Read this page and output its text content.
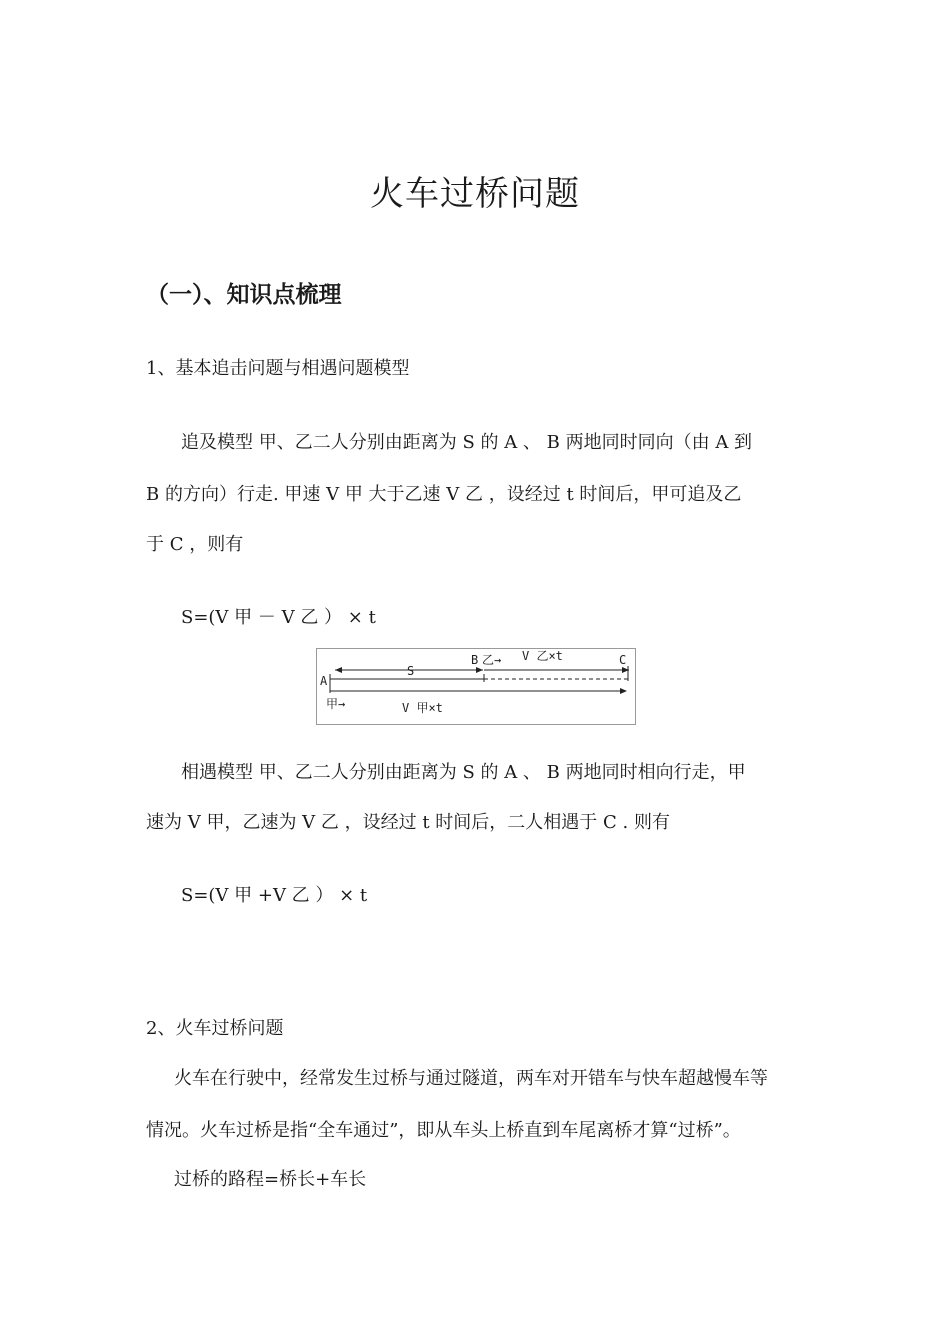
火车过桥问题
（一）、知识点梳理
1、基本追击问题与相遇问题模型
追及模型 甲、乙二人分别由距离为 S 的 A 、 B 两地同时同向（由 A 到
B 的方向）行走. 甲速 V 甲 大于乙速 V 乙 ，设经过 t 时间后，甲可追及乙
于 C ，则有
S=(V 甲 － V 乙 ） × t
A
S
B 乙→ V 乙×t	C
甲→	V 甲×t
相遇模型 甲、乙二人分别由距离为 S 的 A 、 B 两地同时相向行走，甲
速为 V 甲，乙速为 V 乙 ，设经过 t 时间后，二人相遇于 C . 则有
S=(V 甲 +V 乙 ） × t
2、火车过桥问题
火车在行驶中，经常发生过桥与通过隧道，两车对开错车与快车超越慢车等
情况。火车过桥是指“全车通过”，即从车头上桥直到车尾离桥才算“过桥”。
过桥的路程=桥长+车长
